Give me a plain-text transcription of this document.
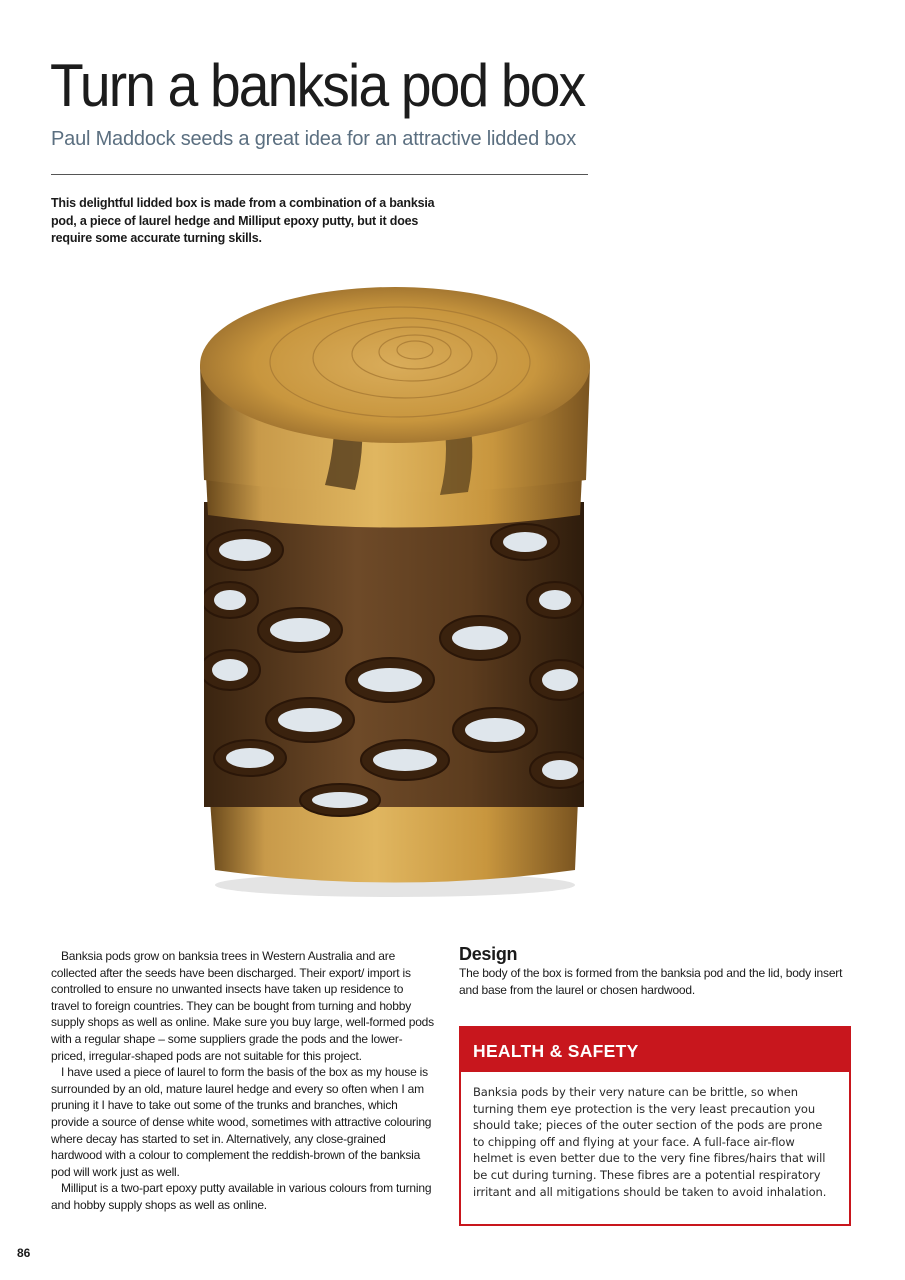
Turn a banksia pod box

Paul Maddock seeds a great idea for an attractive lidded box

This delightful lidded box is made from a combination of a banksia pod, a piece of laurel hedge and Milliput epoxy putty, but it does require some accurate turning skills.

Banksia pods grow on banksia trees in Western Australia and are collected after the seeds have been discharged. Their export/ import is controlled to ensure no unwanted insects have taken up residence to travel to foreign countries. They can be bought from turning and hobby supply shops as well as online. Make sure you buy large, well-formed pods with a regular shape – some suppliers grade the pods and the lower-priced, irregular-shaped pods are not suitable for this project.

I have used a piece of laurel to form the basis of the box as my house is surrounded by an old, mature laurel hedge and every so often when I am pruning it I have to take out some of the trunks and branches, which provide a source of dense white wood, sometimes with attractive colouring where decay has started to set in. Alternatively, any close-grained hardwood with a colour to complement the reddish-brown of the banksia pod will work just as well.

Milliput is a two-part epoxy putty available in various colours from turning and hobby supply shops as well as online.

Design

The body of the box is formed from the banksia pod and the lid, body insert and base from the laurel or chosen hardwood.

HEALTH & SAFETY

Banksia pods by their very nature can be brittle, so when turning them eye protection is the very least precaution you should take; pieces of the outer section of the pods are prone to chipping off and flying at your face. A full-face air-flow helmet is even better due to the very fine fibres/hairs that will be cut during turning. These fibres are a potential respiratory irritant and all mitigations should be taken to avoid inhalation.

86
